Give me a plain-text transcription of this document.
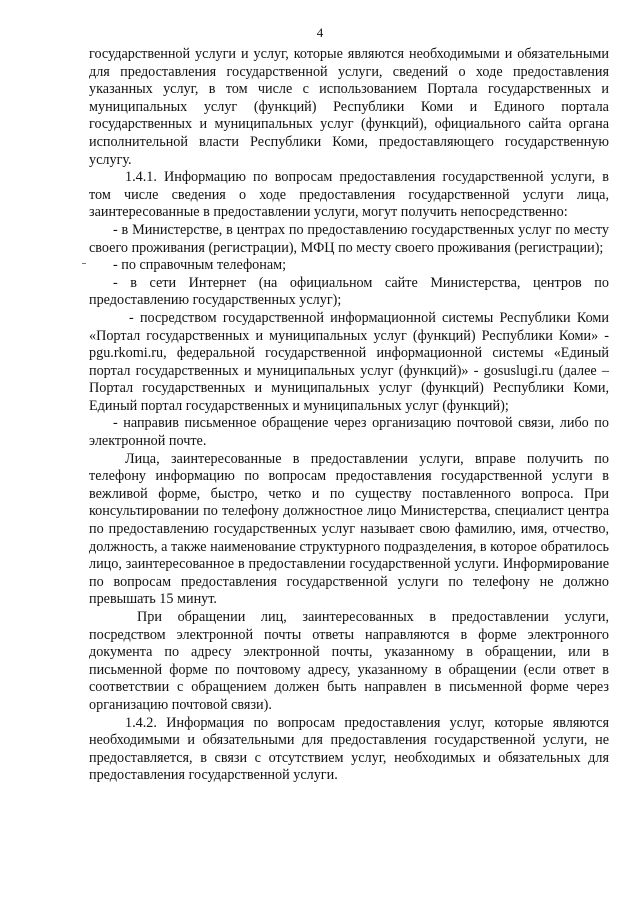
4

государственной услуги и услуг, которые являются необходимыми и обязательными для предоставления государственной услуги, сведений о ходе предоставления указанных услуг, в том числе с использованием Портала государственных и муниципальных услуг (функций) Республики Коми и Единого портала государственных и муниципальных услуг (функций), официального сайта органа исполнительной власти Республики Коми, предоставляющего государственную услугу.

1.4.1. Информацию по вопросам предоставления государственной услуги, в том числе сведения о ходе предоставления государственной услуги лица, заинтересованные в предоставлении услуги, могут получить непосредственно:

- в Министерстве, в центрах по предоставлению государственных услуг по месту своего проживания (регистрации), МФЦ по месту своего проживания (регистрации);

- по справочным телефонам;

- в сети Интернет (на официальном сайте Министерства, центров по предоставлению государственных услуг);

- посредством государственной информационной системы Республики Коми «Портал государственных и муниципальных услуг (функций) Республики Коми» - pgu.rkomi.ru, федеральной государственной информационной системы «Единый портал государственных и муниципальных услуг (функций)» - gosuslugi.ru (далее – Портал государственных и муниципальных услуг (функций) Республики Коми, Единый портал государственных и муниципальных услуг (функций);

- направив письменное обращение через организацию почтовой связи, либо по электронной почте.

Лица, заинтересованные в предоставлении услуги, вправе получить по телефону информацию по вопросам предоставления государственной услуги в вежливой форме, быстро, четко и по существу поставленного вопроса. При консультировании по телефону должностное лицо Министерства, специалист центра по предоставлению государственных услуг называет свою фамилию, имя, отчество, должность, а также наименование структурного подразделения, в которое обратилось лицо, заинтересованное в предоставлении государственной услуги. Информирование по вопросам предоставления государственной услуги по телефону не должно превышать 15 минут.

При обращении лиц, заинтересованных в предоставлении услуги, посредством электронной почты ответы направляются в форме электронного документа по адресу электронной почты, указанному в обращении, или в письменной форме по почтовому адресу, указанному в обращении (если ответ в соответствии с обращением должен быть направлен в письменной форме через организацию почтовой связи).

1.4.2. Информация по вопросам предоставления услуг, которые являются необходимыми и обязательными для предоставления государственной услуги, не предоставляется, в связи с отсутствием услуг, необходимых и обязательных для предоставления государственной услуги.
